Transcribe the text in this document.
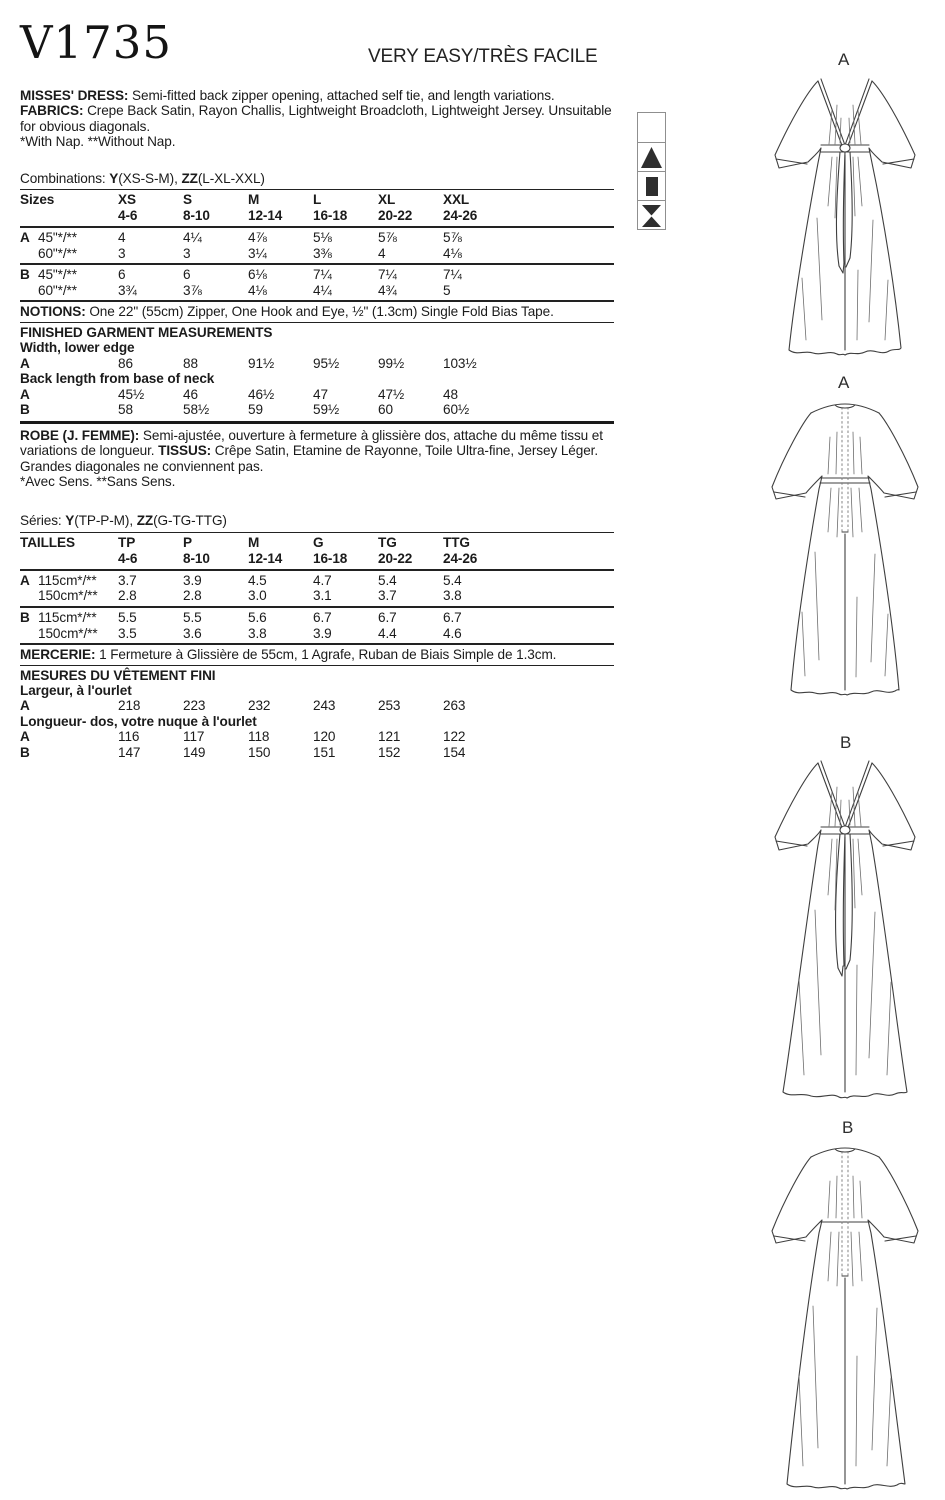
V1735	VERY EASY/TRÈS FACILE
MISSES' DRESS: Semi-fitted back zipper opening, attached self tie, and length variations. FABRICS: Crepe Back Satin, Rayon Challis, Lightweight Broadcloth, Lightweight Jersey. Unsuitable for obvious diagonals.
*With Nap. **Without Nap.
Combinations: Y(XS-S-M), ZZ(L-XL-XXL)
Sizes	XS	S	M	L	XL	XXL
4-6	8-10	12-14	16-18	20-22	24-26
A 45"*/**	4	4¼	4⅞	5⅛	5⅞	5⅞
60"*/**	3	3	3¼	3⅜	4	4⅛
B 45"*/**	6	6	6⅛	7¼	7¼	7¼
60"*/**	3¾	3⅞	4⅛	4¼	4¾	5
NOTIONS: One 22" (55cm) Zipper, One Hook and Eye, ½" (1.3cm) Single Fold Bias Tape.
FINISHED GARMENT MEASUREMENTS
Width, lower edge
A	86	88	91½	95½	99½	103½
Back length from base of neck
A	45½	46	46½	47	47½	48
B	58	58½	59	59½	60	60½
ROBE (J. FEMME): Semi-ajustée, ouverture à fermeture à glissière dos, attache du même tissu et variations de longueur. TISSUS: Crêpe Satin, Etamine de Rayonne, Toile Ultra-fine, Jersey Léger. Grandes diagonales ne conviennent pas.
*Avec Sens. **Sans Sens.
Séries: Y(TP-P-M), ZZ(G-TG-TTG)
TAILLES	TP	P	M	G	TG	TTG
4-6	8-10	12-14	16-18	20-22	24-26
A 115cm*/**	3.7	3.9	4.5	4.7	5.4	5.4
150cm*/**	2.8	2.8	3.0	3.1	3.7	3.8
B 115cm*/**	5.5	5.5	5.6	6.7	6.7	6.7
150cm*/**	3.5	3.6	3.8	3.9	4.4	4.6
MERCERIE: 1 Fermeture à Glissière de 55cm, 1 Agrafe, Ruban de Biais Simple de 1.3cm.
MESURES DU VÊTEMENT FINI
Largeur, à l'ourlet
A	218	223	232	243	253	263
Longueur- dos, votre nuque à l'ourlet
A	116	117	118	120	121	122
B	147	149	150	151	152	154
A
A
B
B
